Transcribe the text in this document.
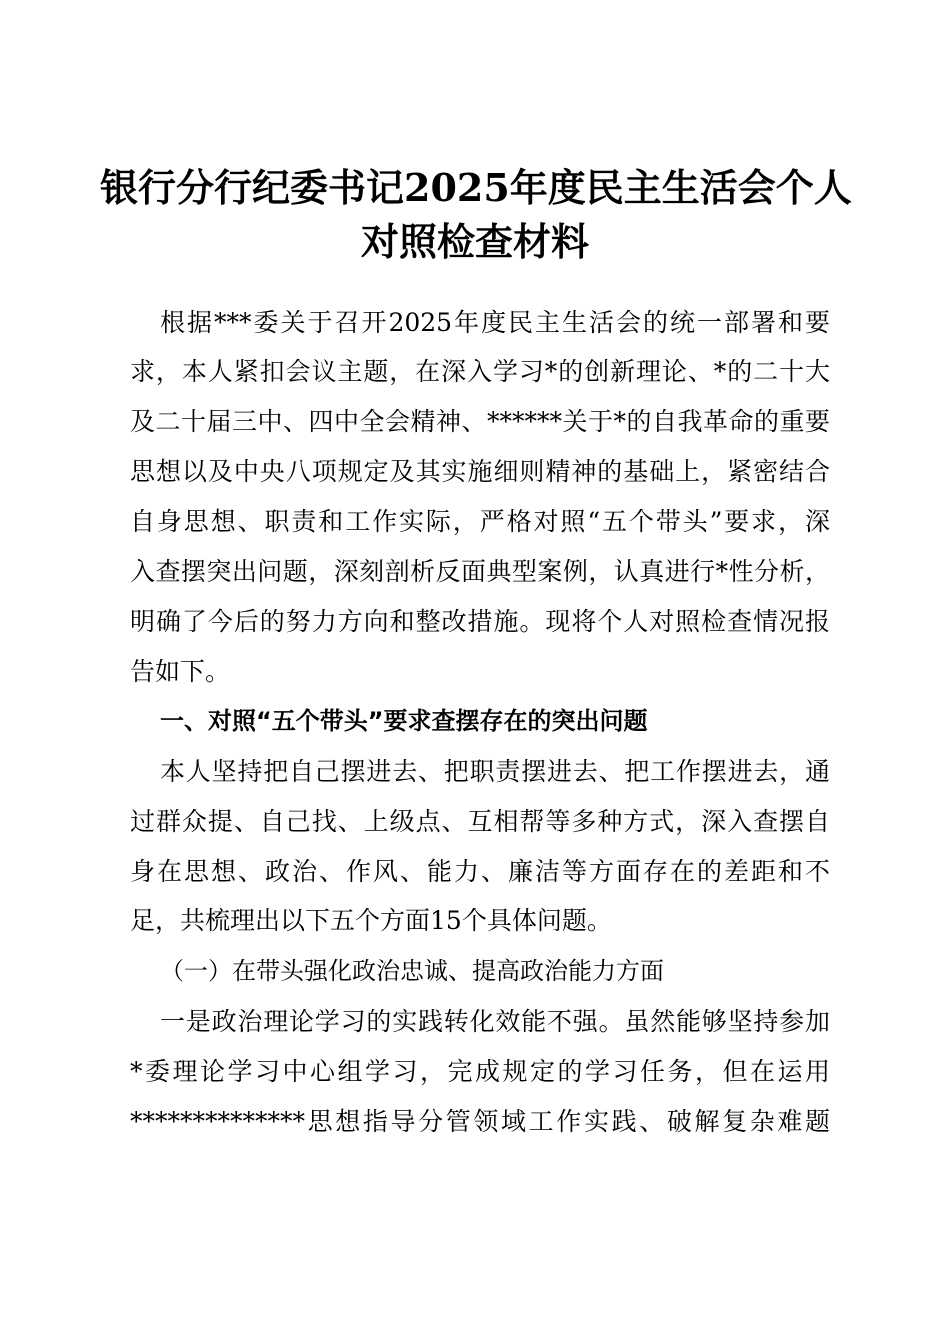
银行分行纪委书记2025年度民主生活会个人
对照检查材料
根据***委关于召开2025年度民主生活会的统一部署和要
求，本人紧扣会议主题，在深入学习*的创新理论、*的二十大
及二十届三中、四中全会精神、******关于*的自我革命的重要
思想以及中央八项规定及其实施细则精神的基础上，紧密结合
自身思想、职责和工作实际，严格对照“五个带头”要求，深
入查摆突出问题，深刻剖析反面典型案例，认真进行*性分析，
明确了今后的努力方向和整改措施。现将个人对照检查情况报
告如下。
一、对照“五个带头”要求查摆存在的突出问题
本人坚持把自己摆进去、把职责摆进去、把工作摆进去，通
过群众提、自己找、上级点、互相帮等多种方式，深入查摆自
身在思想、政治、作风、能力、廉洁等方面存在的差距和不
足，共梳理出以下五个方面15个具体问题。
（一）在带头强化政治忠诚、提高政治能力方面
一是政治理论学习的实践转化效能不强。虽然能够坚持参加
*委理论学习中心组学习，完成规定的学习任务，但在运用
**************思想指导分管领域工作实践、破解复杂难题
